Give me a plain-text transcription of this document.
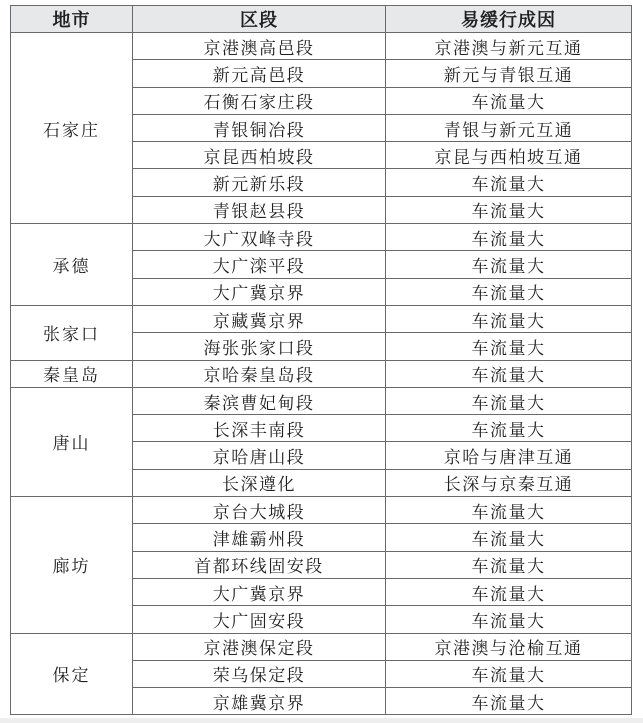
地市	区段	易缓行成因
石家庄	京港澳高邑段	京港澳与新元互通
	新元高邑段	新元与青银互通
	石衡石家庄段	车流量大
	青银铜冶段	青银与新元互通
	京昆西柏坡段	京昆与西柏坡互通
	新元新乐段	车流量大
	青银赵县段	车流量大
承德	大广双峰寺段	车流量大
	大广滦平段	车流量大
	大广冀京界	车流量大
张家口	京藏冀京界	车流量大
	海张张家口段	车流量大
秦皇岛	京哈秦皇岛段	车流量大
唐山	秦滨曹妃甸段	车流量大
	长深丰南段	车流量大
	京哈唐山段	京哈与唐津互通
	长深遵化	长深与京秦互通
廊坊	京台大城段	车流量大
	津雄霸州段	车流量大
	首都环线固安段	车流量大
	大广冀京界	车流量大
	大广固安段	车流量大
保定	京港澳保定段	京港澳与沧榆互通
	荣乌保定段	车流量大
	京雄冀京界	车流量大
